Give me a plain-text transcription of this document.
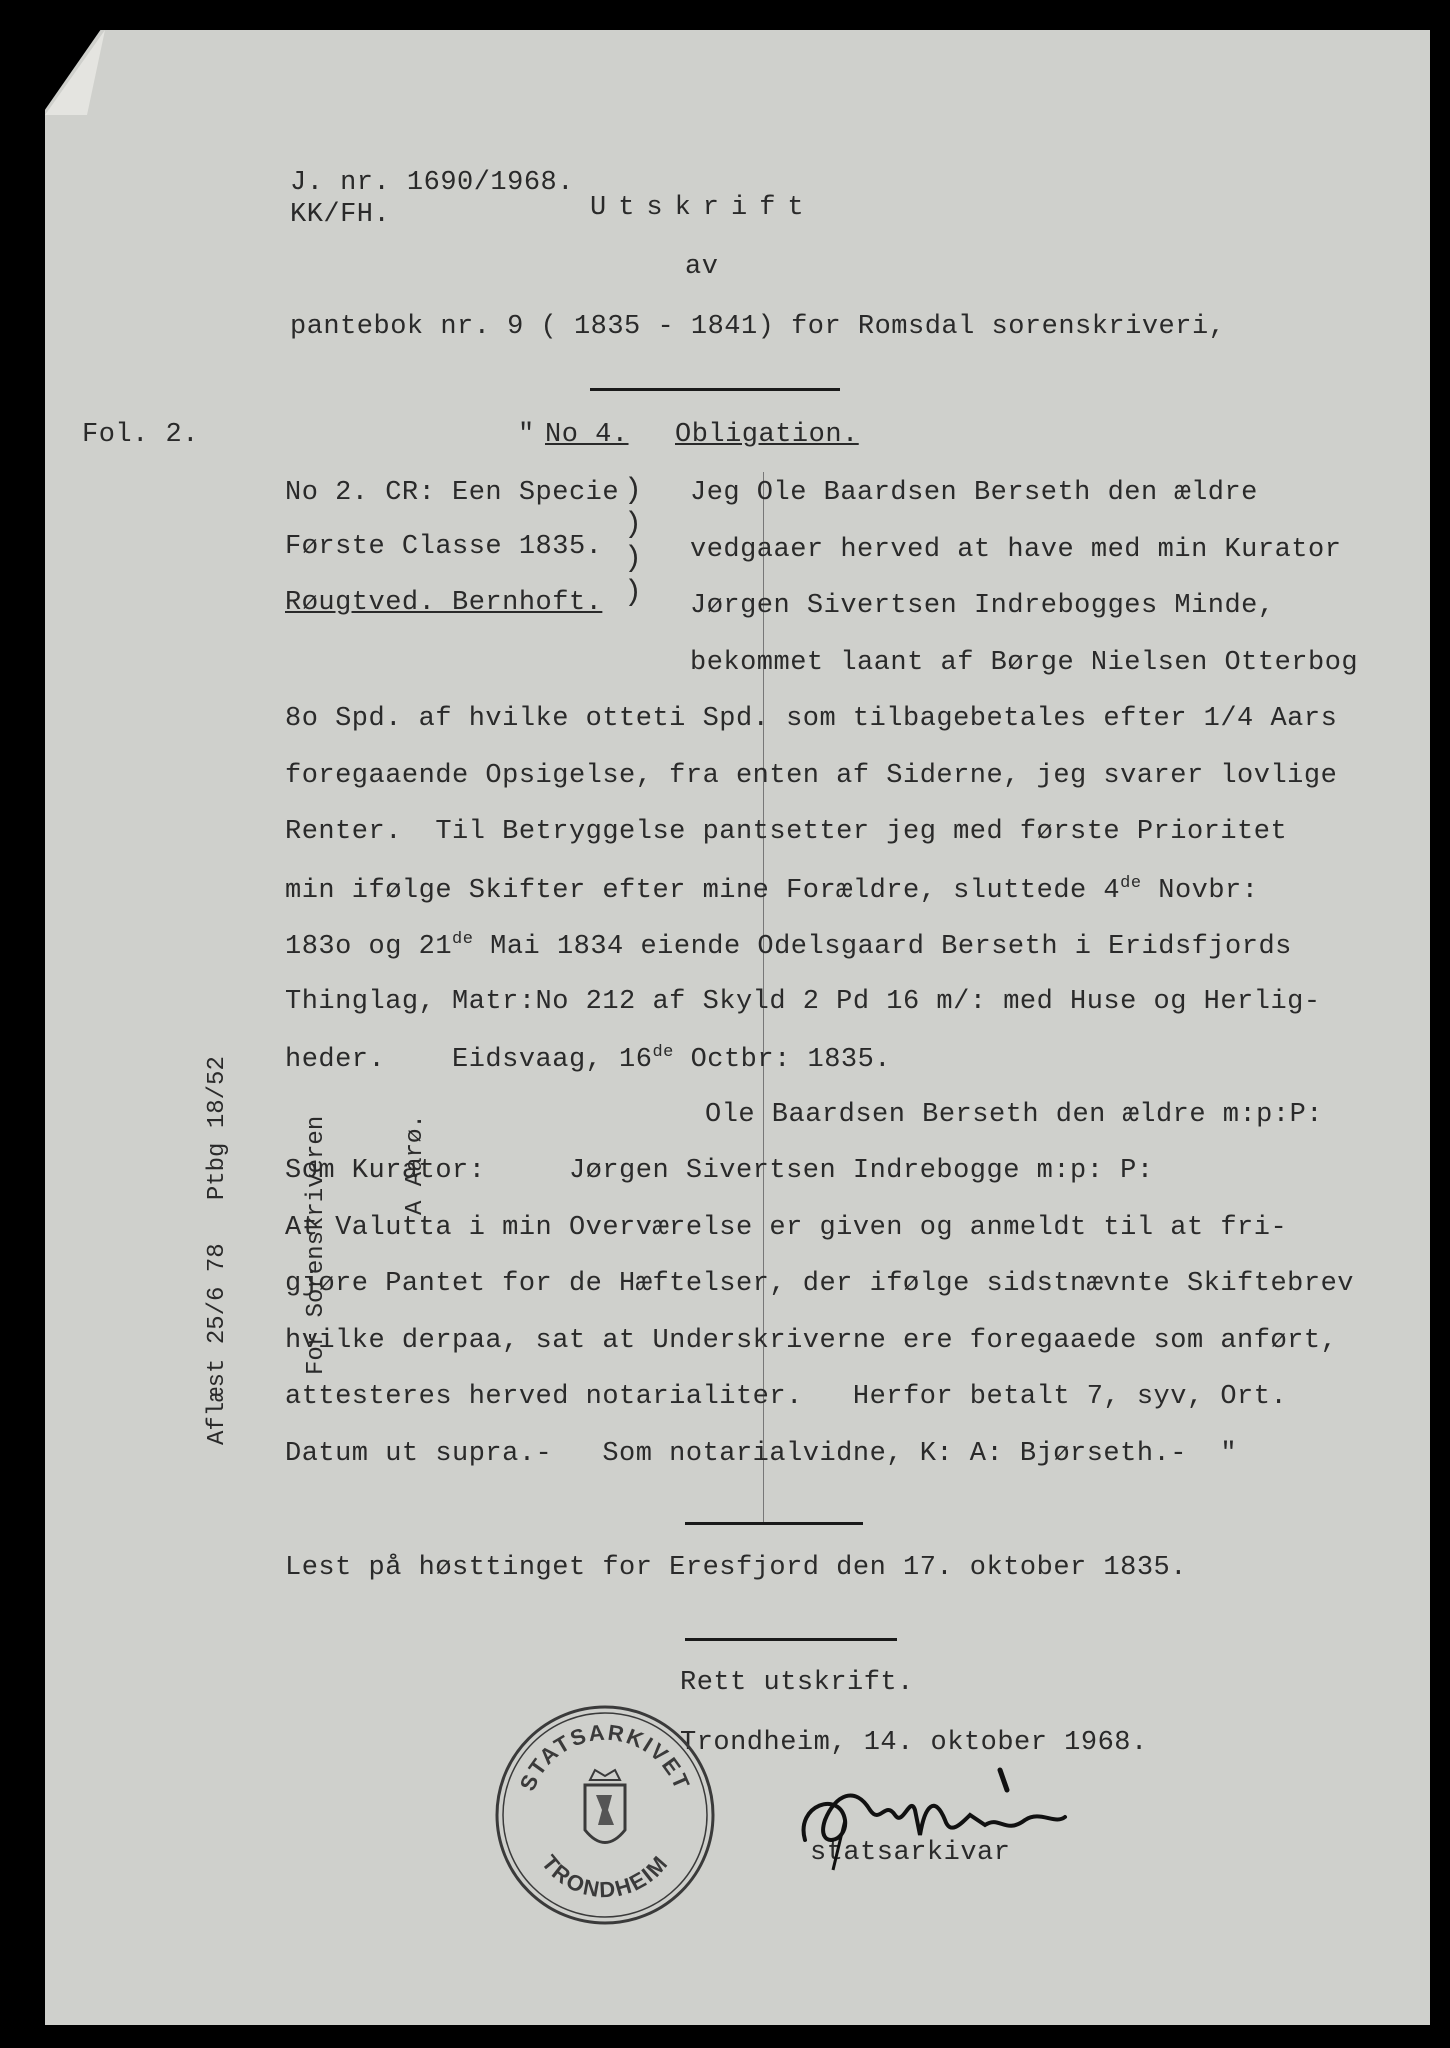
J. nr. 1690/1968.
KK/FH.	Utskrift
av
pantebok nr. 9 ( 1835 - 1841) for Romsdal sorenskriveri,
Fol. 2.	" No 4. Obligation.
No 2. CR: Een Specie
Første Classe 1835.
Røugtved. Bernhoft.
)
)
)
)
Jeg Ole Baardsen Berseth den ældre
vedgaaer herved at have med min Kurator
Jørgen Sivertsen Indrebogges Minde,
bekommet laant af Børge Nielsen Otterbog
8o Spd. af hvilke otteti Spd. som tilbagebetales efter 1/4 Aars
foregaaende Opsigelse, fra enten af Siderne, jeg svarer lovlige
Renter.  Til Betryggelse pantsetter jeg med første Prioritet
min ifølge Skifter efter mine Forældre, sluttede 4de Novbr:
183o og 21de Mai 1834 eiende Odelsgaard Berseth i Eridsfjords
Thinglag, Matr:No 212 af Skyld 2 Pd 16 m/: med Huse og Herlig-
heder.    Eidsvaag, 16de Octbr: 1835.
Ole Baardsen Berseth den ældre m:p:P:
Som Kurator:     Jørgen Sivertsen Indrebogge m:p: P:
At Valutta i min Overværelse er given og anmeldt til at fri-
gjøre Pantet for de Hæftelser, der ifølge sidstnævnte Skiftebrev
hvilke derpaa, sat at Underskriverne ere foregaaede som anført,
attesteres herved notarialiter.   Herfor betalt 7, syv, Ort.
Datum ut supra.-   Som notarialvidne, K: A: Bjørseth.-  "
Lest på høsttinget for Eresfjord den 17. oktober 1835.
Rett utskrift.
Trondheim, 14. oktober 1968.
statsarkivar

Aflæst 25/6 78   Ptbg 18/52

	For Sorenskriveren

	A Aarø.

STATSARKIVET
TRONDHEIM
